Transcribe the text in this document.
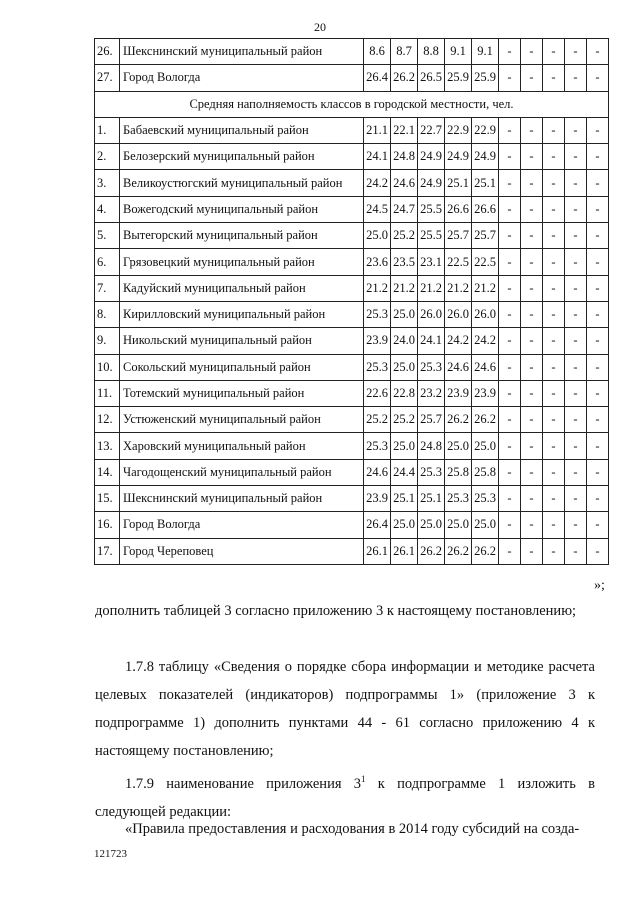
20
26.	Шекснинский муниципальный район	8.6	8.7	8.8	9.1	9.1	-	-	-	-	-
27.	Город Вологда	26.4	26.2	26.5	25.9	25.9	-	-	-	-	-
Средняя наполняемость классов в городской местности, чел.											
1.	Бабаевский муниципальный район	21.1	22.1	22.7	22.9	22.9	-	-	-	-	-
2.	Белозерский муниципальный район	24.1	24.8	24.9	24.9	24.9	-	-	-	-	-
3.	Великоустюгский муниципальный район	24.2	24.6	24.9	25.1	25.1	-	-	-	-	-
4.	Вожегодский муниципальный район	24.5	24.7	25.5	26.6	26.6	-	-	-	-	-
5.	Вытегорский муниципальный район	25.0	25.2	25.5	25.7	25.7	-	-	-	-	-
6.	Грязовецкий муниципальный район	23.6	23.5	23.1	22.5	22.5	-	-	-	-	-
7.	Кадуйский муниципальный район	21.2	21.2	21.2	21.2	21.2	-	-	-	-	-
8.	Кирилловский муниципальный район	25.3	25.0	26.0	26.0	26.0	-	-	-	-	-
9.	Никольский муниципальный район	23.9	24.0	24.1	24.2	24.2	-	-	-	-	-
10.	Сокольский муниципальный район	25.3	25.0	25.3	24.6	24.6	-	-	-	-	-
11.	Тотемский муниципальный район	22.6	22.8	23.2	23.9	23.9	-	-	-	-	-
12.	Устюженский муниципальный район	25.2	25.2	25.7	26.2	26.2	-	-	-	-	-
13.	Харовский муниципальный район	25.3	25.0	24.8	25.0	25.0	-	-	-	-	-
14.	Чагодощенский муниципальный район	24.6	24.4	25.3	25.8	25.8	-	-	-	-	-
15.	Шекснинский муниципальный район	23.9	25.1	25.1	25.3	25.3	-	-	-	-	-
16.	Город Вологда	26.4	25.0	25.0	25.0	25.0	-	-	-	-	-
17.	Город Череповец	26.1	26.1	26.2	26.2	26.2	-	-	-	-	-
»;

дополнить таблицей 3 согласно приложению 3 к настоящему постановлению;

1.7.8 таблицу «Сведения о порядке сбора информации и методике расчета целевых показателей (индикаторов) подпрограммы 1» (приложение 3 к подпрограмме 1) дополнить пунктами 44 - 61 согласно приложению 4 к настоящему постановлению;

1.7.9 наименование приложения $3^1$ к подпрограмме 1 изложить в следующей редакции:

«Правила предоставления и расходования в 2014 году субсидий на созда-

121723
